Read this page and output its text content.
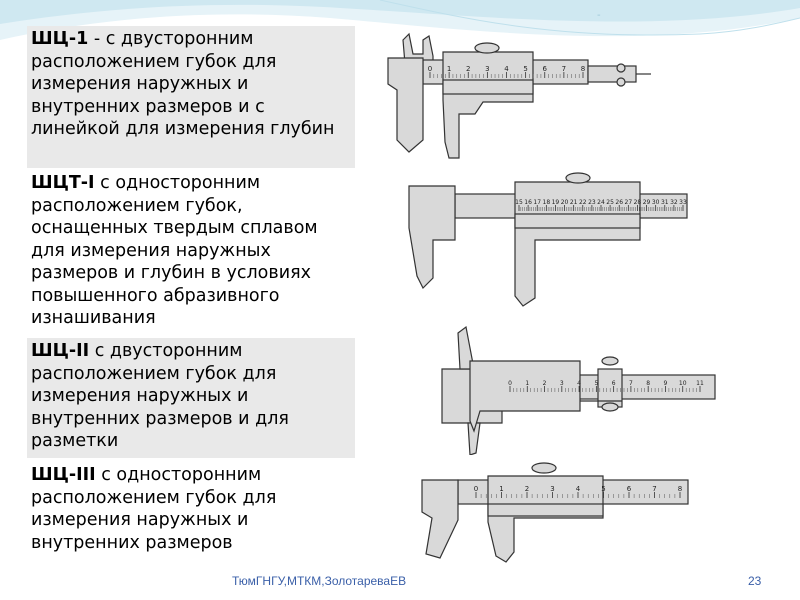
-
ШЦ-1 - с двусторонним расположением губок для измерения наружных и внутренних размеров и с линейкой для измерения глубин
ШЦТ-I с односторонним расположением губок, оснащенных твердым сплавом для измерения наружных размеров и глубин в условиях повышенного абразивного изнашивания
ШЦ-II с двусторонним расположением губок для измерения наружных и внутренних размеров и для разметки
ШЦ-III с односторонним расположением губок для измерения наружных и внутренних размеров
0 1 2 3 4 5 6 7 8
15 16 17 18 19 20 21 22 23 24 25 26 27 28 29 30 31 32 33
0 1 2 3 4 5 6 7 8 9 10 11
0	1	2	3	4	5	6	7	8
ТюмГНГУ,МТКМ,ЗолотареваЕВ	23
